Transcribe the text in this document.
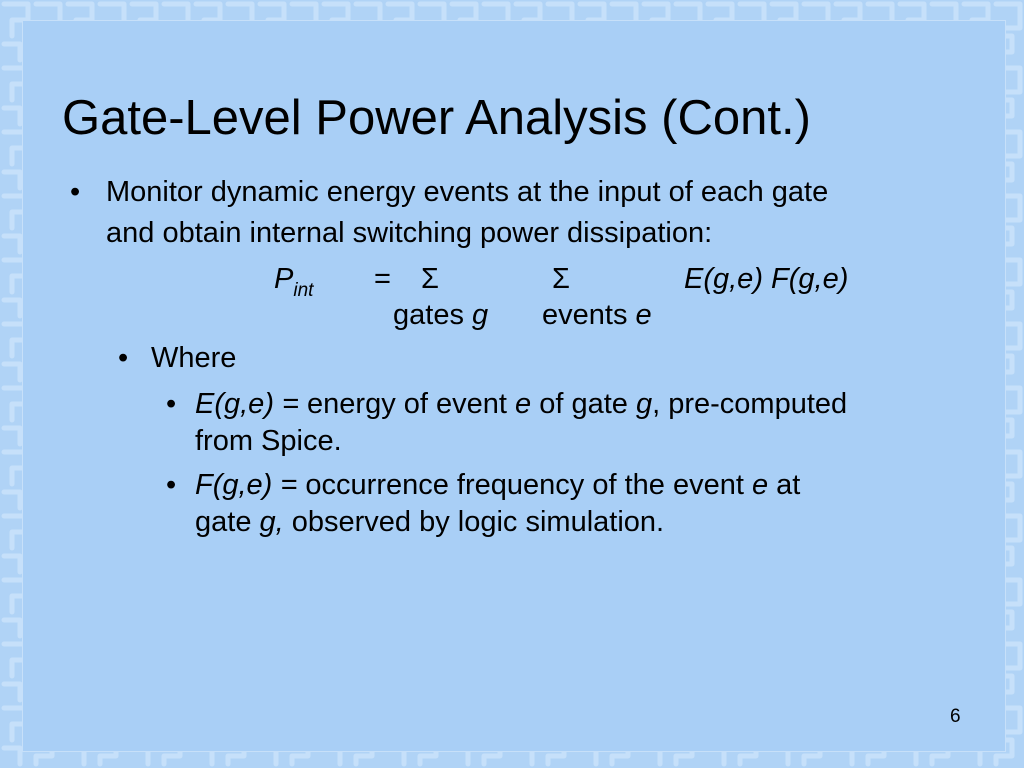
Gate-Level Power Analysis (Cont.)
• Monitor dynamic energy events at the input of each gate
and obtain internal switching power dissipation:
$P_{int} = \Sigma$	Σ	E(g,e) F(g,e)
gates g events e
• Where
• E(g,e) = energy of event e of gate g, pre-computed
from Spice.
• F(g,e) = occurrence frequency of the event e at
gate g, observed by logic simulation.
6
